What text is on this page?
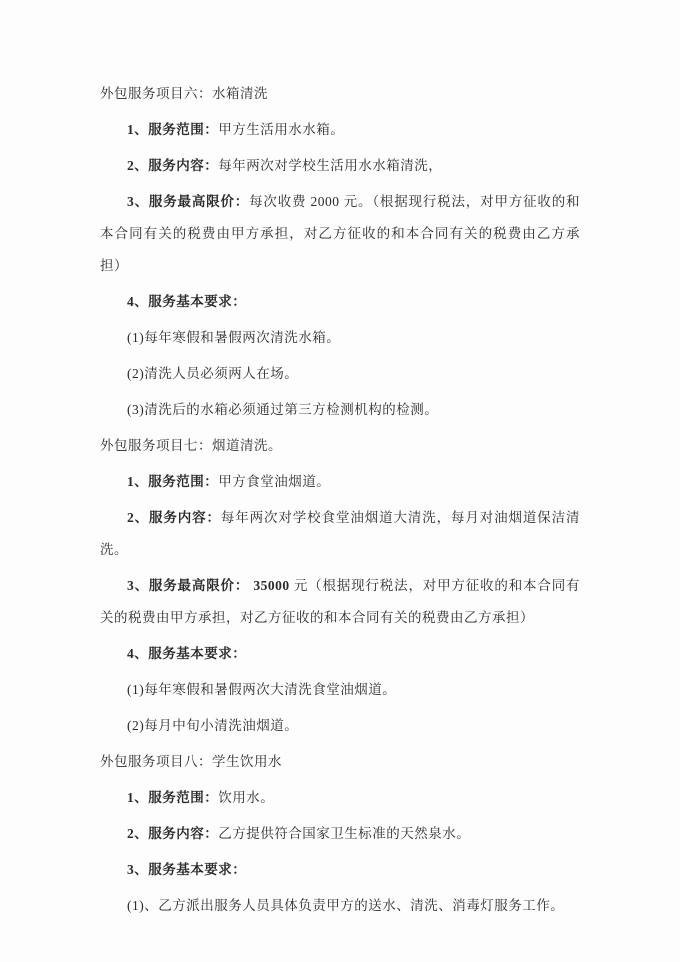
外包服务项目六：水箱清洗

1、服务范围：甲方生活用水水箱。

2、服务内容：每年两次对学校生活用水水箱清洗，

3、服务最高限价：每次收费 2000 元。（根据现行税法，对甲方征收的和本合同有关的税费由甲方承担，对乙方征收的和本合同有关的税费由乙方承担）

4、服务基本要求：

(1)每年寒假和暑假两次清洗水箱。

(2)清洗人员必须两人在场。

(3)清洗后的水箱必须通过第三方检测机构的检测。

外包服务项目七：烟道清洗。

1、服务范围：甲方食堂油烟道。

2、服务内容：每年两次对学校食堂油烟道大清洗，每月对油烟道保洁清洗。

3、服务最高限价： 35000 元（根据现行税法，对甲方征收的和本合同有关的税费由甲方承担，对乙方征收的和本合同有关的税费由乙方承担）

4、服务基本要求：

(1)每年寒假和暑假两次大清洗食堂油烟道。

(2)每月中旬小清洗油烟道。

外包服务项目八：学生饮用水

1、服务范围：饮用水。

2、服务内容：乙方提供符合国家卫生标准的天然泉水。

3、服务基本要求：

(1)、乙方派出服务人员具体负责甲方的送水、清洗、消毒灯服务工作。
